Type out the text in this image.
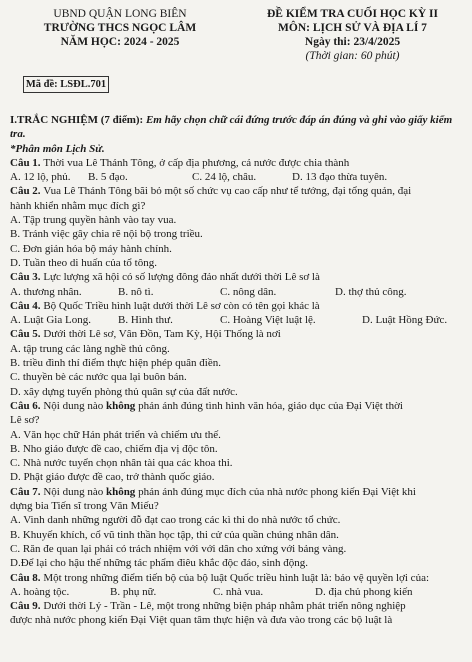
UBND QUẬN LONG BIÊN
TRƯỜNG THCS NGỌC LÂM
NĂM HỌC: 2024 - 2025
ĐỀ KIỂM TRA CUỐI HỌC KỲ II
MÔN: LỊCH SỬ VÀ ĐỊA LÍ 7
Ngày thi: 23/4/2025
(Thời gian: 60 phút)
Mã đề: LSĐL.701

I.TRẮC NGHIỆM (7 điểm): Em hãy chọn chữ cái đứng trước đáp án đúng và ghi vào giấy kiểm tra.

*Phân môn Lịch Sử.

Câu 1. Thời vua Lê Thánh Tông, ở cấp địa phương, cả nước được chia thành

A. 12 lộ, phủ.	B. 5 đạo.	C. 24 lộ, châu.	D. 13 đạo thừa tuyên.

Câu 2. Vua Lê Thánh Tông bãi bỏ một số chức vụ cao cấp như tể tướng, đại tổng quản, đại

hành khiển nhằm mục đích gì?

A. Tập trung quyền hành vào tay vua.

B. Tránh việc gây chia rẽ nội bộ trong triều.

C. Đơn giản hóa bộ máy hành chính.

D. Tuần theo di huấn của tổ tông.

Câu 3. Lực lượng xã hội có số lượng đông đảo nhất dưới thời Lê sơ là

A. thương nhân.	B. nô tì.	C. nông dân.	D. thợ thủ công.

Câu 4. Bộ Quốc Triều hình luật dưới thời Lê sơ còn có tên gọi khác là

A. Luật Gia Long.	B. Hình thư.	C. Hoàng Việt luật lệ.	D. Luật Hồng Đức.

Câu 5. Dưới thời Lê sơ, Vân Đồn, Tam Kỳ, Hội Thống là nơi

A. tập trung các làng nghề thủ công.

B. triều đình thí điểm thực hiện phép quân điền.

C. thuyền bè các nước qua lại buôn bán.

D. xây dựng tuyến phòng thủ quân sự của đất nước.

Câu 6. Nội dung nào không phản ánh đúng tình hình văn hóa, giáo dục của Đại Việt thời

Lê sơ?

A. Văn học chữ Hán phát triển và chiếm ưu thế.

B. Nho giáo được đề cao, chiếm địa vị độc tôn.

C. Nhà nước tuyển chọn nhân tài qua các khoa thi.

D. Phật giáo được đề cao, trở thành quốc giáo.

Câu 7. Nội dung nào không phản ánh đúng mục đích của nhà nước phong kiến Đại Việt khi

dựng bia Tiến sĩ trong Văn Miếu?

A. Vinh danh những người đỗ đạt cao trong các kì thi do nhà nước tổ chức.

B. Khuyến khích, cổ vũ tinh thần học tập, thi cử của quần chúng nhân dân.

C. Răn đe quan lại phải có trách nhiệm với với dân cho xứng với bảng vàng.

D.Để lại cho hậu thế những tác phẩm điêu khắc độc đáo, sinh động.

Câu 8. Một trong những điểm tiến bộ của bộ luật Quốc triều hình luật là: bảo vệ quyền lợi của:

A. hoàng tộc.	B. phụ nữ.	C. nhà vua.	D. địa chủ phong kiến

Câu 9. Dưới thời Lý - Trần - Lê, một trong những biện pháp nhằm phát triển nông nghiệp

được nhà nước phong kiến Đại Việt quan tâm thực hiện và đưa vào trong các bộ luật là
